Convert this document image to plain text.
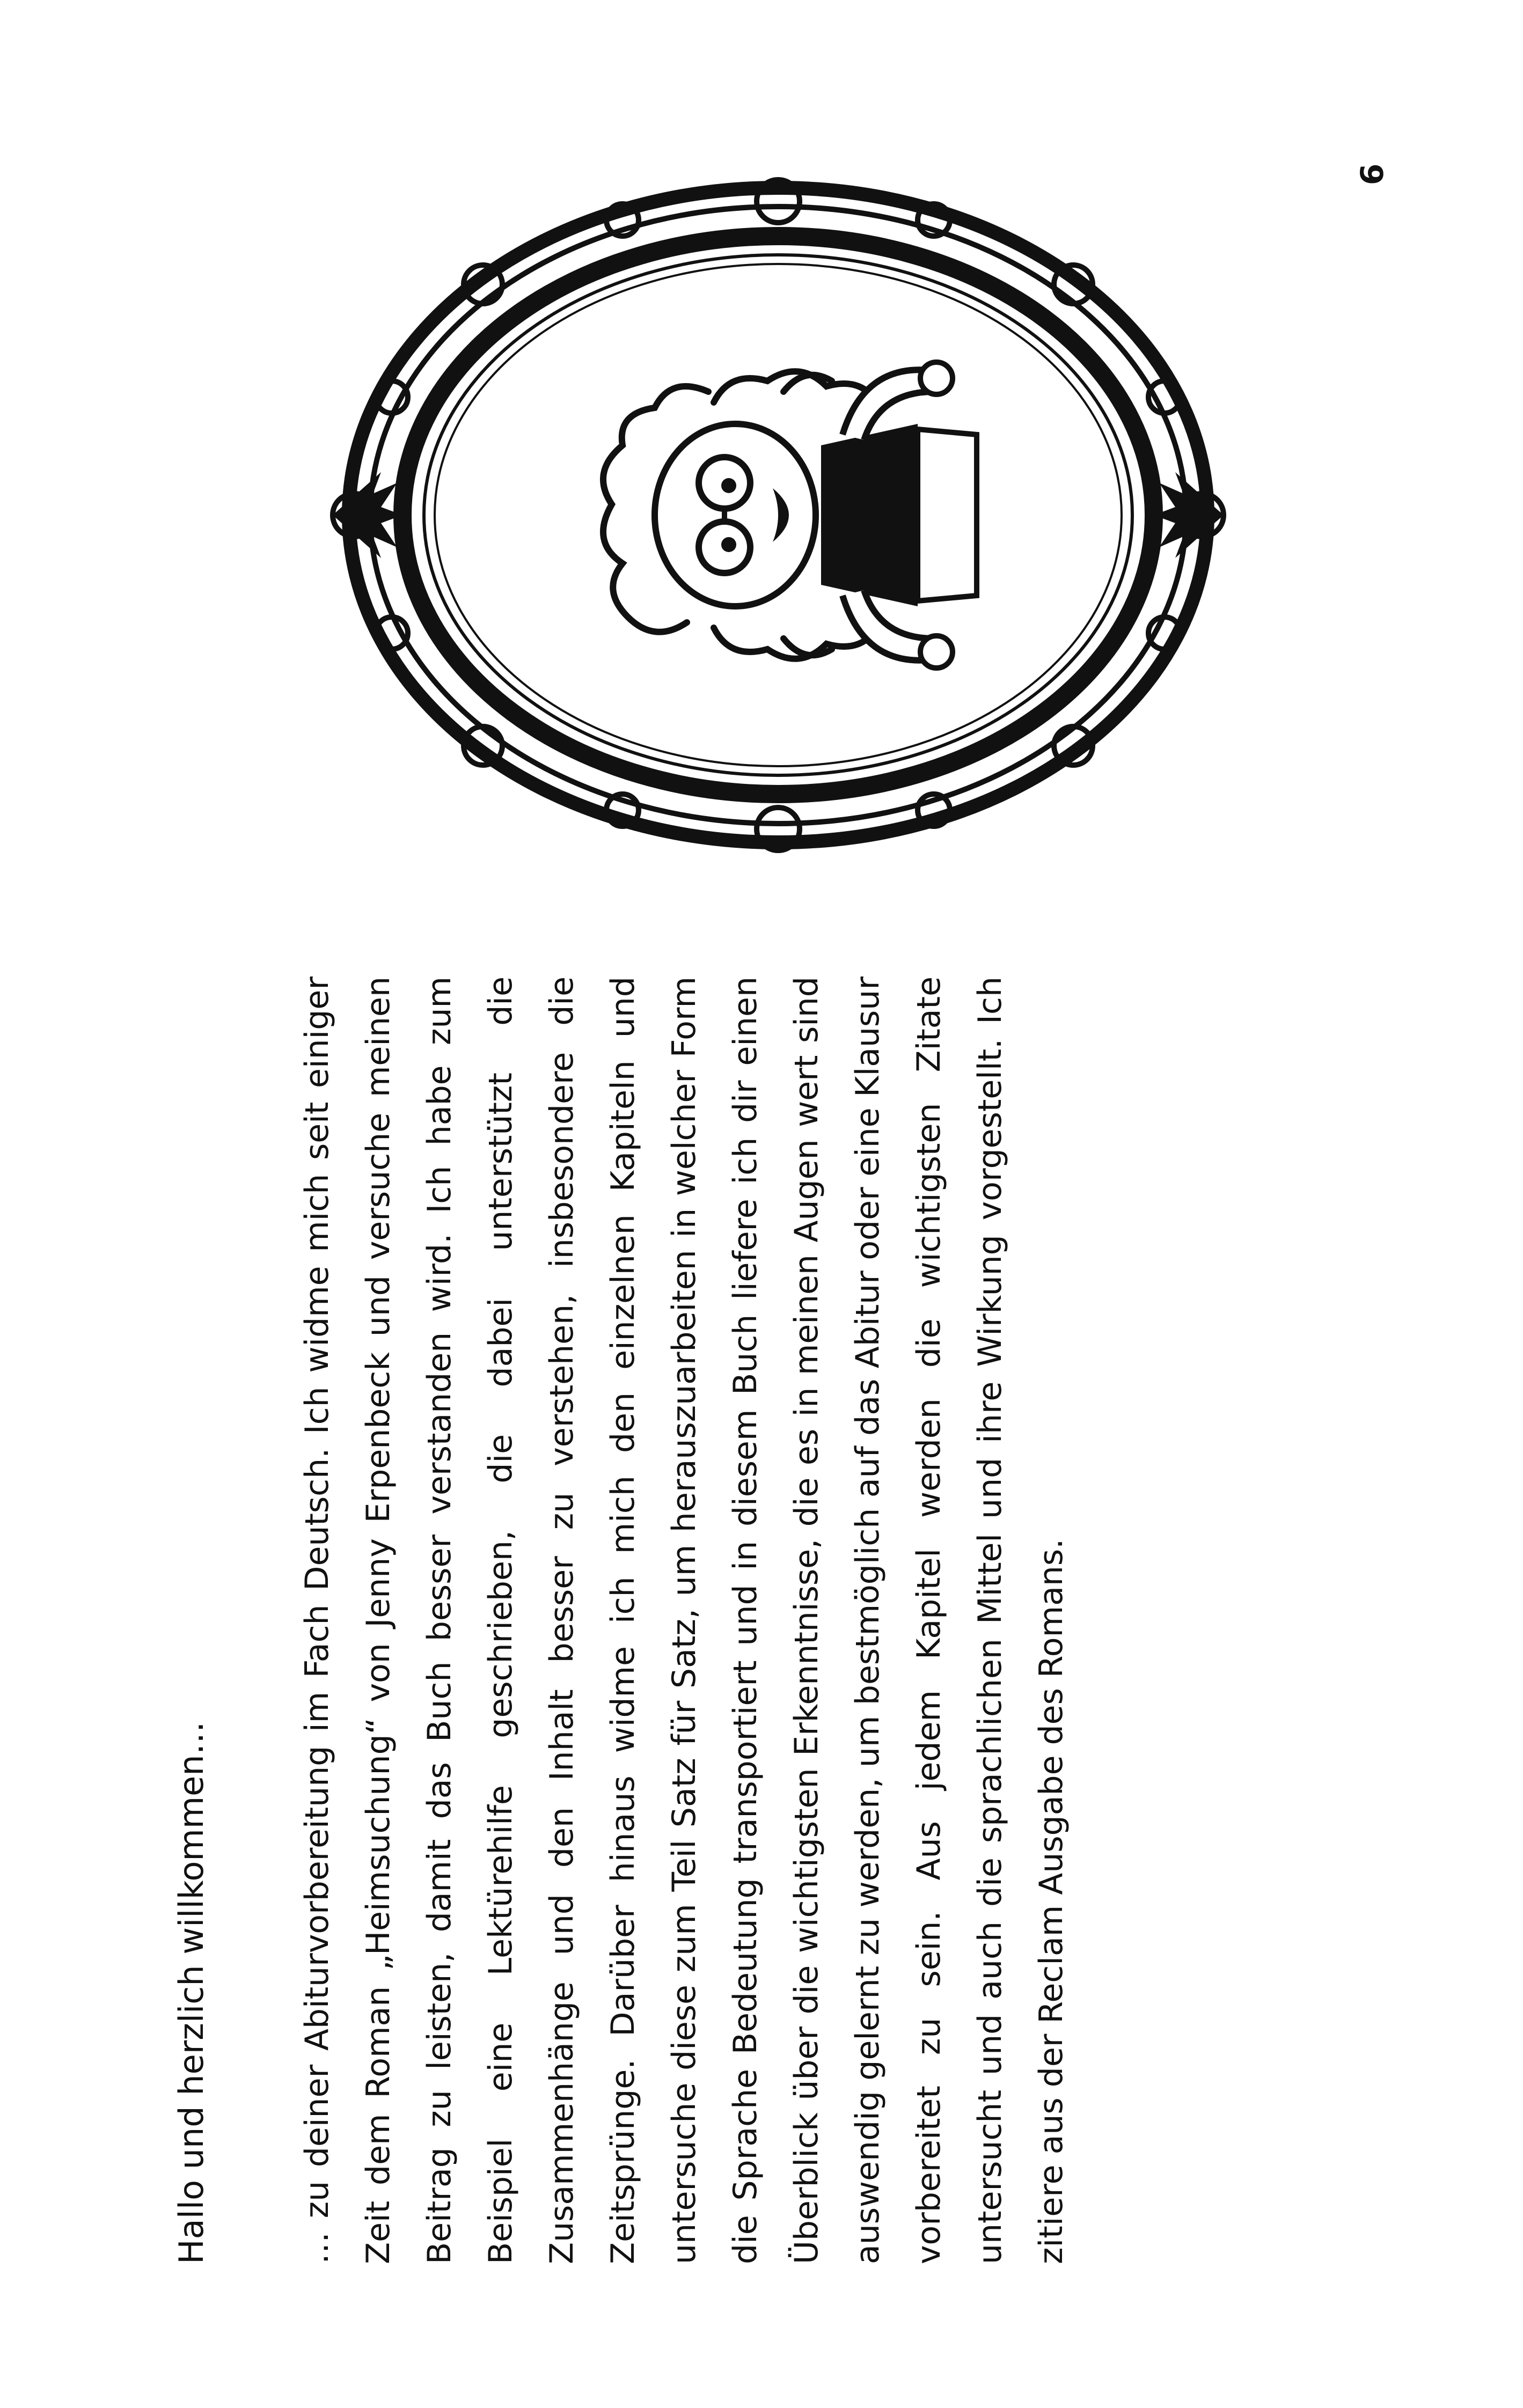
9

Hallo und herzlich willkommen…	… zu deiner Abiturvorbereitung im Fach Deutsch. Ich widme mich seit einiger Zeit dem Roman „Heimsuchung“ von Jenny Erpenbeck und versuche meinen Beitrag zu leisten, damit das Buch besser verstanden wird. Ich habe zum Beispiel eine Lektürehilfe geschrieben, die dabei unterstützt die Zusammenhänge und den Inhalt besser zu verstehen, insbesondere die Zeitsprünge. Darüber hinaus widme ich mich den einzelnen Kapiteln und untersuche diese zum Teil Satz für Satz, um herauszuarbeiten in welcher Form die Sprache Bedeutung transportiert und in diesem Buch liefere ich dir einen Überblick über die wichtigsten Erkenntnisse, die es in meinen Augen wert sind auswendig gelernt zu werden, um bestmöglich auf das Abitur oder eine Klausur vorbereitet zu sein. Aus jedem Kapitel werden die wichtigsten Zitate untersucht und auch die sprachlichen Mittel und ihre Wirkung vorgestellt. Ich zitiere aus der Reclam Ausgabe des Romans.
